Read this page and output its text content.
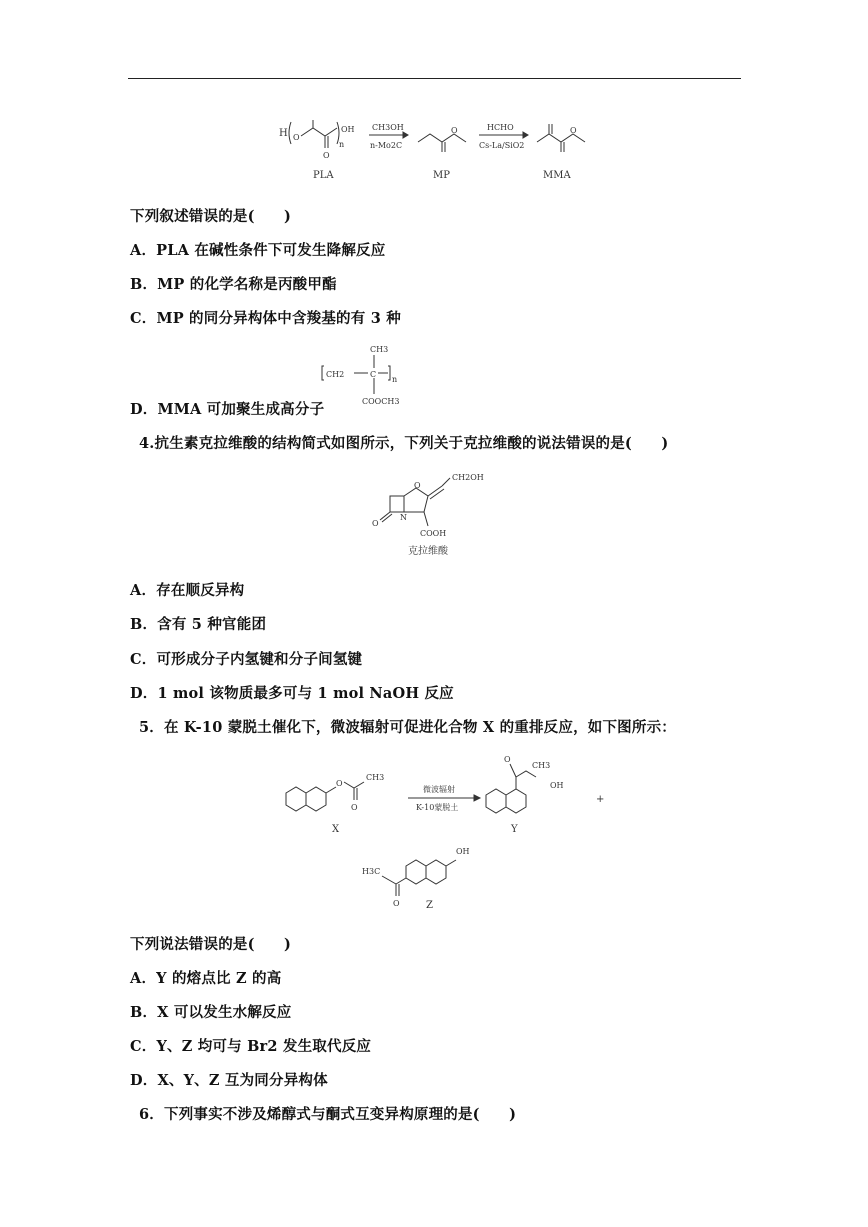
H O
O
n
OH
PLA
CH3OH
n-Mo2C
O
MP
HCHO
Cs-La/SiO2
O
MMA
下列叙述错误的是(　　)
A．PLA 在碱性条件下可发生降解反应
B．MP 的化学名称是丙酸甲酯
C．MP 的同分异构体中含羧基的有 3 种
CH3
CH2	C
n
COOCH3
D．MMA 可加聚生成高分子
4.抗生素克拉维酸的结构简式如图所示，下列关于克拉维酸的说法错误的是(　　)
O
O
N
CH2OH
COOH
克拉维酸
A．存在顺反异构
B．含有 5 种官能团
C．可形成分子内氢键和分子间氢键
D．1 mol 该物质最多可与 1 mol NaOH 反应
5．在 K-10 蒙脱土催化下，微波辐射可促进化合物 X 的重排反应，如下图所示：
O
O
CH3
X
微波辐射
K-10蒙脱土
O
CH3
OH
Y
+
OH
O
H3C
Z
下列说法错误的是(　　)
A．Y 的熔点比 Z 的高
B．X 可以发生水解反应
C．Y、Z 均可与 Br2 发生取代反应
D．X、Y、Z 互为同分异构体
6．下列事实不涉及烯醇式与酮式互变异构原理的是(　　)
